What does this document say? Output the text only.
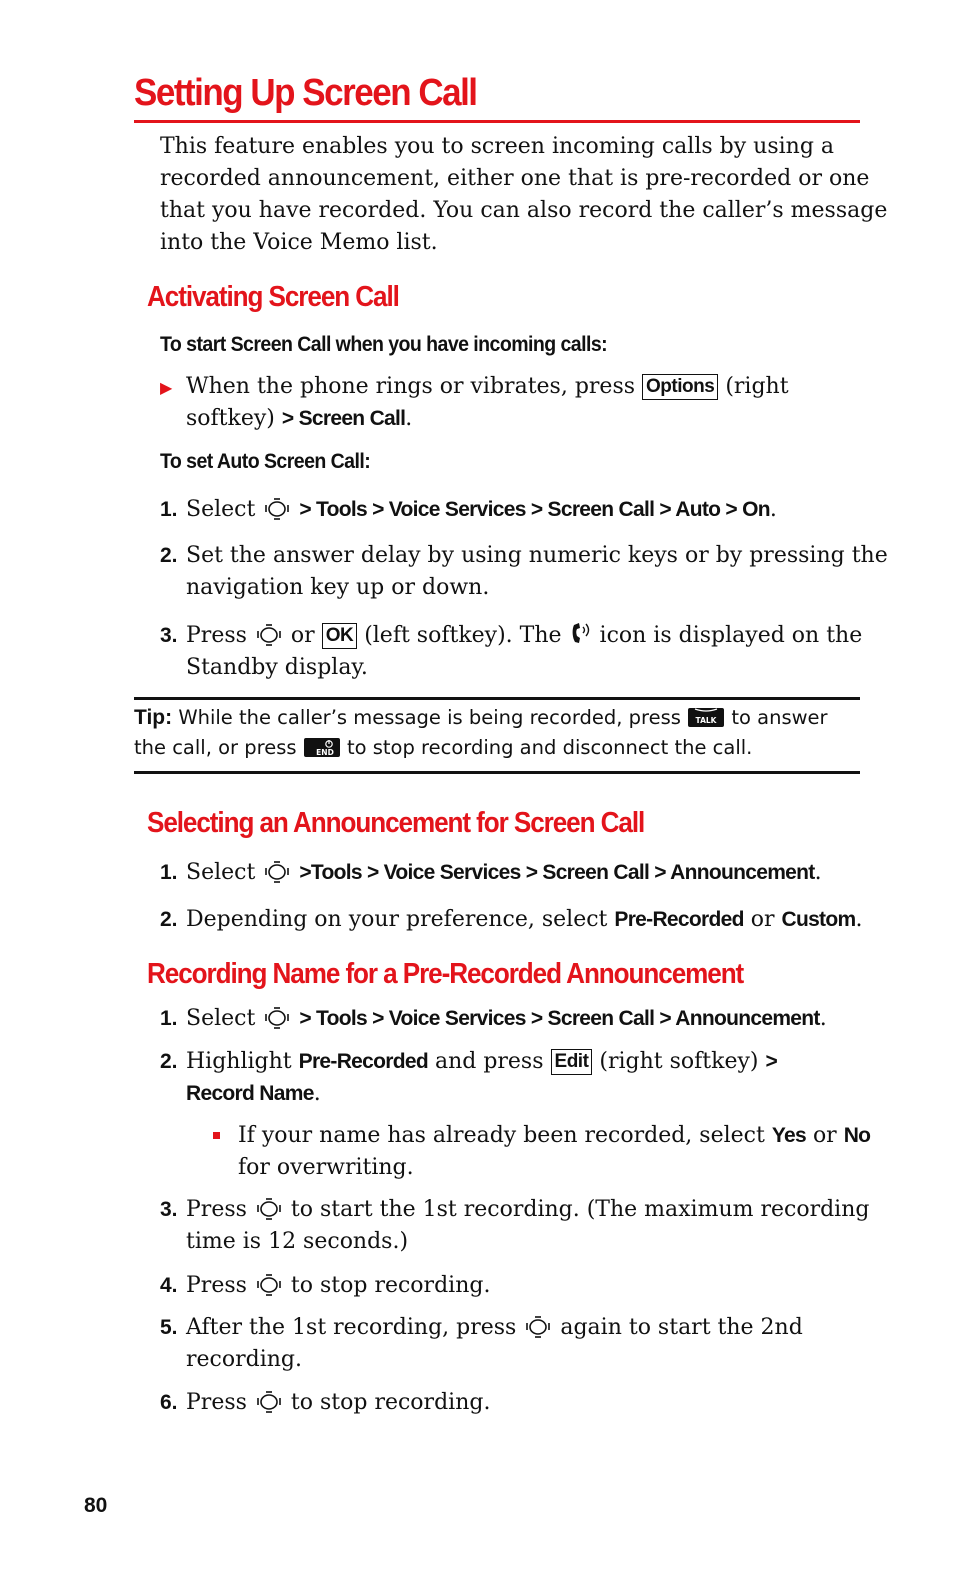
Setting Up Screen Call
This feature enables you to screen incoming calls by using a
recorded announcement, either one that is pre-recorded or one
that you have recorded. You can also record the caller’s message
into the Voice Memo list.
Activating Screen Call
To start Screen Call when you have incoming calls:
▶ When the phone rings or vibrates, press Options (right
softkey) > Screen Call.
To set Auto Screen Call:
1. Select > Tools > Voice Services > Screen Call > Auto > On.
2. Set the answer delay by using numeric keys or by pressing the
navigation key up or down.
3. Press or OK (left softkey). The icon is displayed on the
Standby display.
Tip: While the caller’s message is being recorded, press TALK to answer
the call, or press	END to stop recording and disconnect the call.
Selecting an Announcement for Screen Call
1. Select >Tools > Voice Services > Screen Call > Announcement.
2. Depending on your preference, select Pre-Recorded or Custom.
Recording Name for a Pre-Recorded Announcement
1. Select > Tools > Voice Services > Screen Call > Announcement.
2. Highlight Pre-Recorded and press Edit (right softkey) >
Record Name.
If your name has already been recorded, select Yes or No
for overwriting.
3. Press to start the 1st recording. (The maximum recording
time is 12 seconds.)
4. Press to stop recording.
5. After the 1st recording, press again to start the 2nd
recording.
6. Press to stop recording.
80
